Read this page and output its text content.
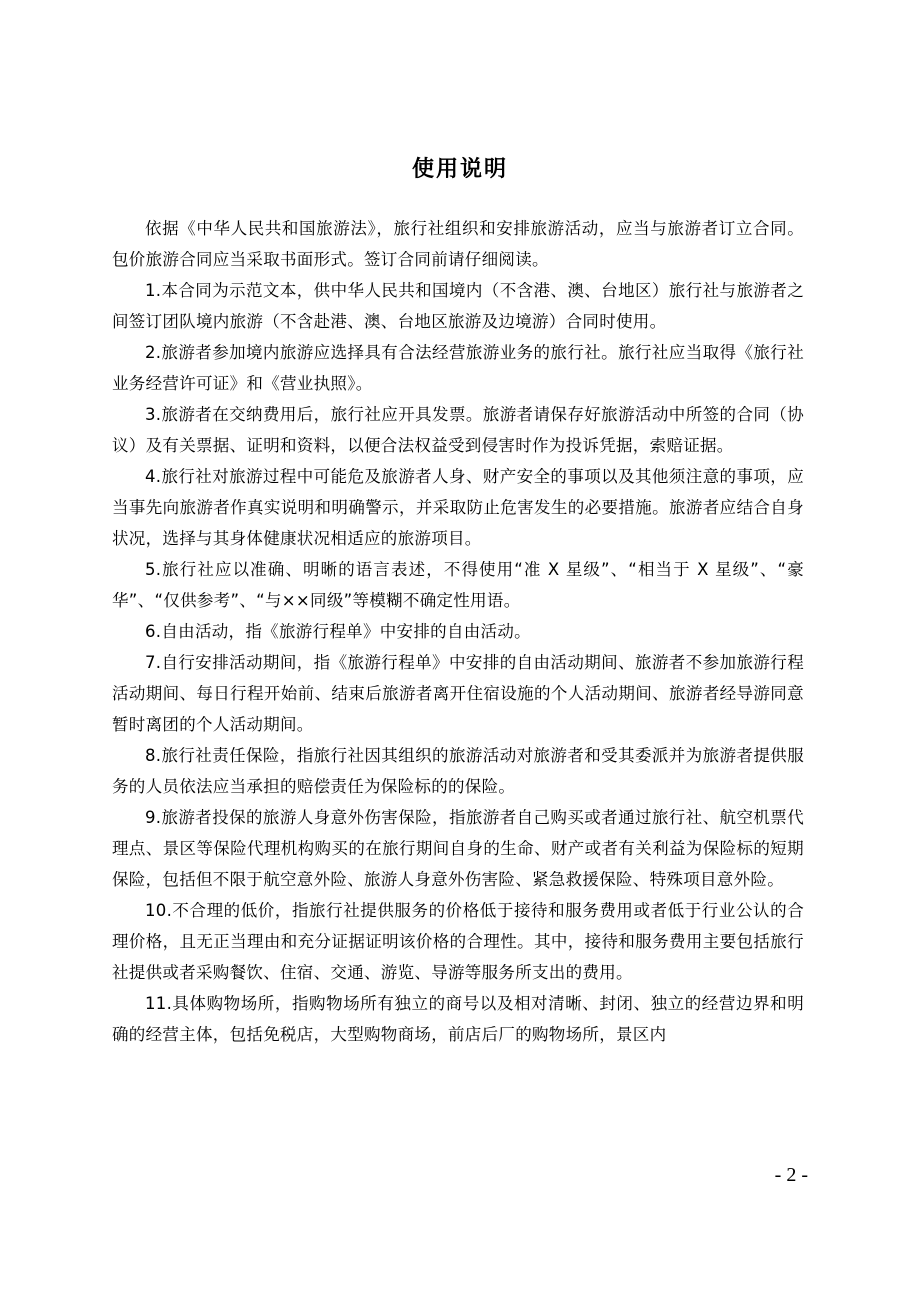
使用说明

依据《中华人民共和国旅游法》，旅行社组织和安排旅游活动，应当与旅游者订立合同。包价旅游合同应当采取书面形式。签订合同前请仔细阅读。

1.本合同为示范文本，供中华人民共和国境内（不含港、澳、台地区）旅行社与旅游者之间签订团队境内旅游（不含赴港、澳、台地区旅游及边境游）合同时使用。

2.旅游者参加境内旅游应选择具有合法经营旅游业务的旅行社。旅行社应当取得《旅行社业务经营许可证》和《营业执照》。

3.旅游者在交纳费用后，旅行社应开具发票。旅游者请保存好旅游活动中所签的合同（协议）及有关票据、证明和资料，以便合法权益受到侵害时作为投诉凭据，索赔证据。

4.旅行社对旅游过程中可能危及旅游者人身、财产安全的事项以及其他须注意的事项，应当事先向旅游者作真实说明和明确警示，并采取防止危害发生的必要措施。旅游者应结合自身状况，选择与其身体健康状况相适应的旅游项目。

5.旅行社应以准确、明晰的语言表述，不得使用“准 X 星级”、“相当于 X 星级”、“豪华”、“仅供参考”、“与××同级”等模糊不确定性用语。

6.自由活动，指《旅游行程单》中安排的自由活动。

7.自行安排活动期间，指《旅游行程单》中安排的自由活动期间、旅游者不参加旅游行程活动期间、每日行程开始前、结束后旅游者离开住宿设施的个人活动期间、旅游者经导游同意暂时离团的个人活动期间。

8.旅行社责任保险，指旅行社因其组织的旅游活动对旅游者和受其委派并为旅游者提供服务的人员依法应当承担的赔偿责任为保险标的的保险。

9.旅游者投保的旅游人身意外伤害保险，指旅游者自己购买或者通过旅行社、航空机票代理点、景区等保险代理机构购买的在旅行期间自身的生命、财产或者有关利益为保险标的短期保险，包括但不限于航空意外险、旅游人身意外伤害险、紧急救援保险、特殊项目意外险。

10.不合理的低价，指旅行社提供服务的价格低于接待和服务费用或者低于行业公认的合理价格，且无正当理由和充分证据证明该价格的合理性。其中，接待和服务费用主要包括旅行社提供或者采购餐饮、住宿、交通、游览、导游等服务所支出的费用。

11.具体购物场所，指购物场所有独立的商号以及相对清晰、封闭、独立的经营边界和明确的经营主体，包括免税店，大型购物商场，前店后厂的购物场所，景区内

- 2 -
